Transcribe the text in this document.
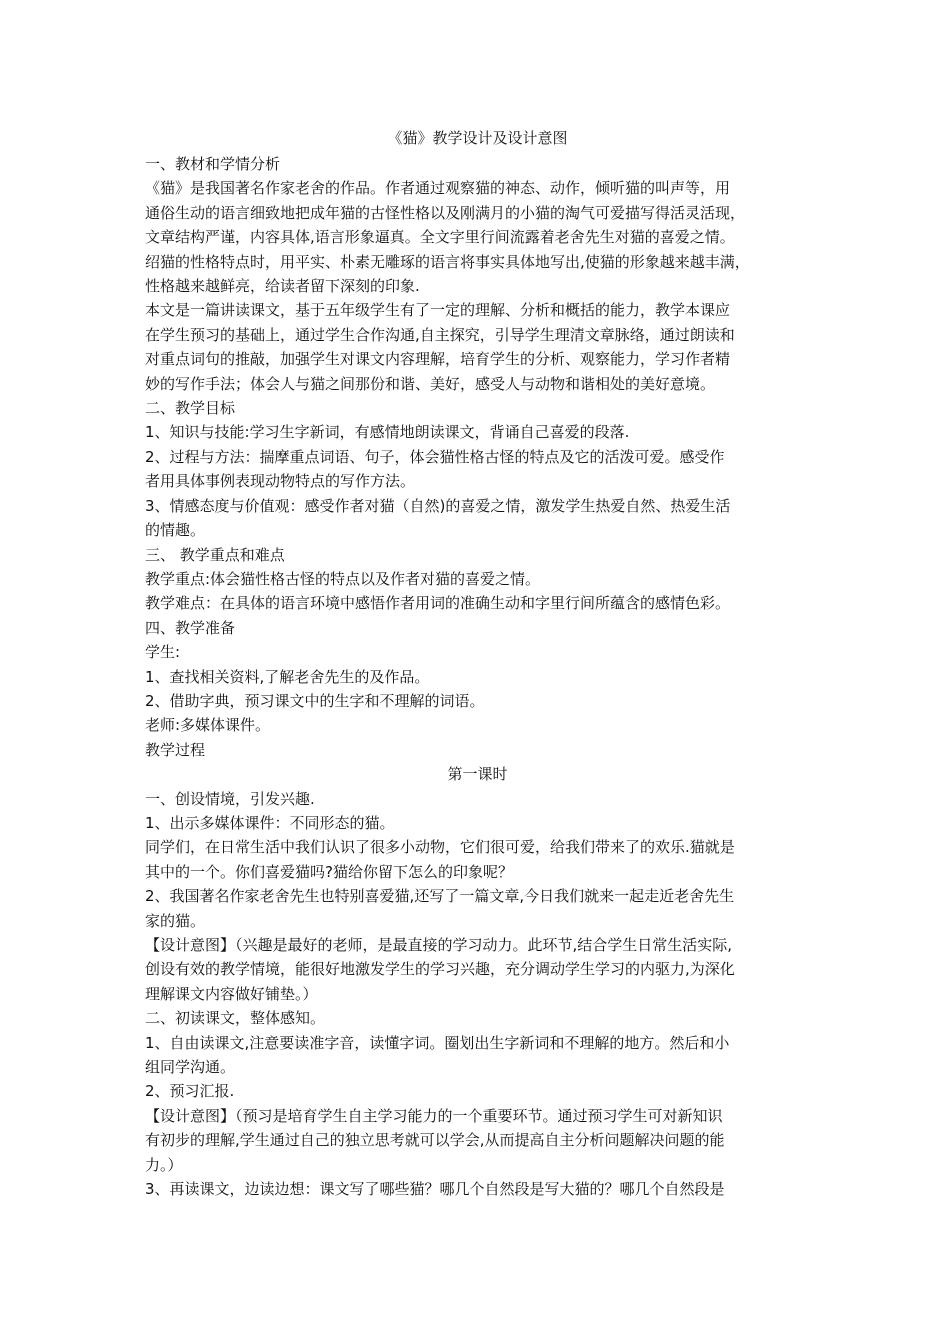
《猫》教学设计及设计意图
一、教材和学情分析
《猫》是我国著名作家老舍的作品。作者通过观察猫的神态、动作，倾听猫的叫声等，用
通俗生动的语言细致地把成年猫的古怪性格以及刚满月的小猫的淘气可爱描写得活灵活现，
文章结构严谨，内容具体,语言形象逼真。全文字里行间流露着老舍先生对猫的喜爱之情。
绍猫的性格特点时，用平实、朴素无雕琢的语言将事实具体地写出,使猫的形象越来越丰满，
性格越来越鲜亮，给读者留下深刻的印象.
本文是一篇讲读课文，基于五年级学生有了一定的理解、分析和概括的能力，教学本课应
在学生预习的基础上，通过学生合作沟通,自主探究，引导学生理清文章脉络，通过朗读和
对重点词句的推敲，加强学生对课文内容理解，培育学生的分析、观察能力，学习作者精
妙的写作手法；体会人与猫之间那份和谐、美好，感受人与动物和谐相处的美好意境。
二、教学目标
1、知识与技能:学习生字新词，有感情地朗读课文，背诵自己喜爱的段落.
2、过程与方法：揣摩重点词语、句子，体会猫性格古怪的特点及它的活泼可爱。感受作
者用具体事例表现动物特点的写作方法。
3、情感态度与价值观：感受作者对猫（自然)的喜爱之情，激发学生热爱自然、热爱生活
的情趣。
三、 教学重点和难点
教学重点:体会猫性格古怪的特点以及作者对猫的喜爱之情。
教学难点：在具体的语言环境中感悟作者用词的准确生动和字里行间所蕴含的感情色彩。
四、教学准备
学生:
1、查找相关资料,了解老舍先生的及作品。
2、借助字典，预习课文中的生字和不理解的词语。
老师:多媒体课件。
教学过程
第一课时
一、创设情境，引发兴趣.
1、出示多媒体课件：不同形态的猫。
同学们，在日常生活中我们认识了很多小动物，它们很可爱，给我们带来了的欢乐.猫就是
其中的一个。你们喜爱猫吗?猫给你留下怎么的印象呢？
2、我国著名作家老舍先生也特别喜爱猫,还写了一篇文章,今日我们就来一起走近老舍先生
家的猫。
【设计意图】（兴趣是最好的老师，是最直接的学习动力。此环节,结合学生日常生活实际,
创设有效的教学情境，能很好地激发学生的学习兴趣，充分调动学生学习的内驱力,为深化
理解课文内容做好铺垫。）
二、初读课文，整体感知。
1、自由读课文,注意要读准字音，读懂字词。圈划出生字新词和不理解的地方。然后和小
组同学沟通。
2、预习汇报.
【设计意图】（预习是培育学生自主学习能力的一个重要环节。通过预习学生可对新知识
有初步的理解,学生通过自己的独立思考就可以学会,从而提高自主分析问题解决问题的能
力。）
3、再读课文，边读边想：课文写了哪些猫？哪几个自然段是写大猫的？哪几个自然段是
